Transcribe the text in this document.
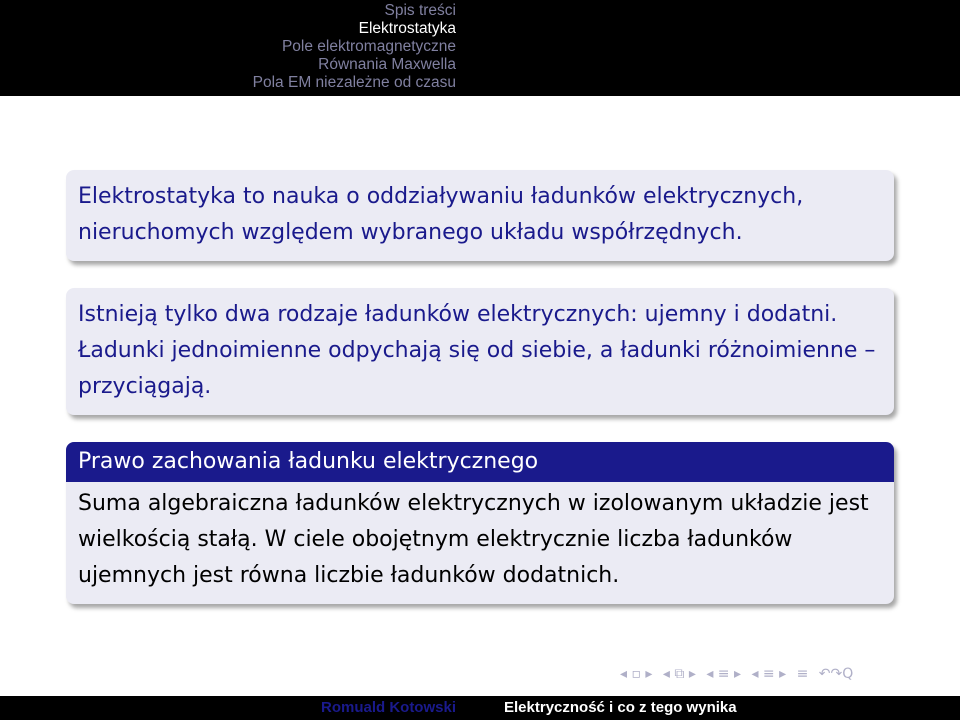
Spis treści
Elektrostatyka
Pole elektromagnetyczne
Równania Maxwella
Pola EM niezależne od czasu
Elektrostatyka to nauka o oddziaływaniu ładunków elektrycznych, nieruchomych względem wybranego układu współrzędnych.
Istnieją tylko dwa rodzaje ładunków elektrycznych: ujemny i dodatni. Ładunki jednoimienne odpychają się od siebie, a ładunki różnoimienne – przyciągają.
Prawo zachowania ładunku elektrycznego
Suma algebraiczna ładunków elektrycznych w izolowanym układzie jest wielkością stałą. W ciele obojętnym elektrycznie liczba ładunków ujemnych jest równa liczbie ładunków dodatnich.
◂ ▫ ▸ ◂ ⧉ ▸ ◂ ≡ ▸ ◂ ≡ ▸ ≡ ↶↷Q
Romuald Kotowski	Elektryczność i co z tego wynika
